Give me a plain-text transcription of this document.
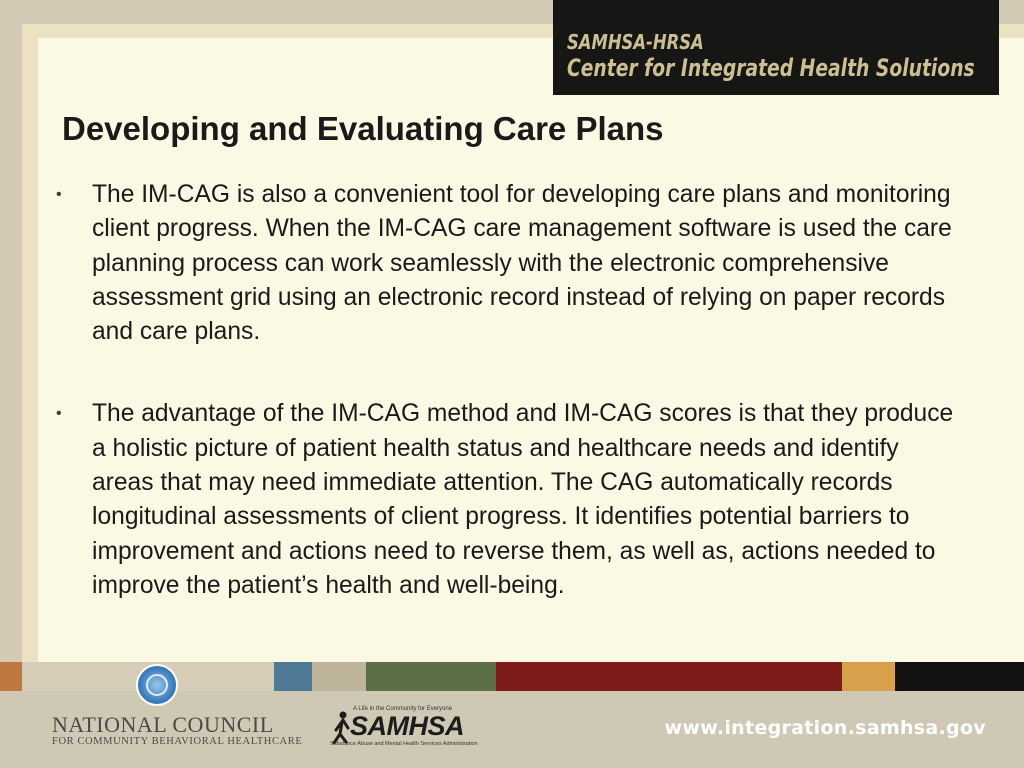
SAMHSA-HRSA
Center for Integrated Health Solutions
Developing and Evaluating Care Plans
• The IM-CAG is also a convenient tool for developing care plans and monitoring client progress. When the IM-CAG care management software is used the care planning process can work seamlessly with the electronic comprehensive assessment grid using an electronic record instead of relying on paper records and care plans.
• The advantage of the IM-CAG method and IM-CAG scores is that they produce a holistic picture of patient health status and healthcare needs and identify areas that may need immediate attention. The CAG automatically records longitudinal assessments of client progress. It identifies potential barriers to improvement and actions need to reverse them, as well as, actions needed to improve the patient’s health and well-being.
NATIONAL COUNCIL
FOR COMMUNITY BEHAVIORAL HEALTHCARE
A Life in the Community for Everyone
SAMHSA
Substance Abuse and Mental Health Services Administration
www.integration.samhsa.gov
